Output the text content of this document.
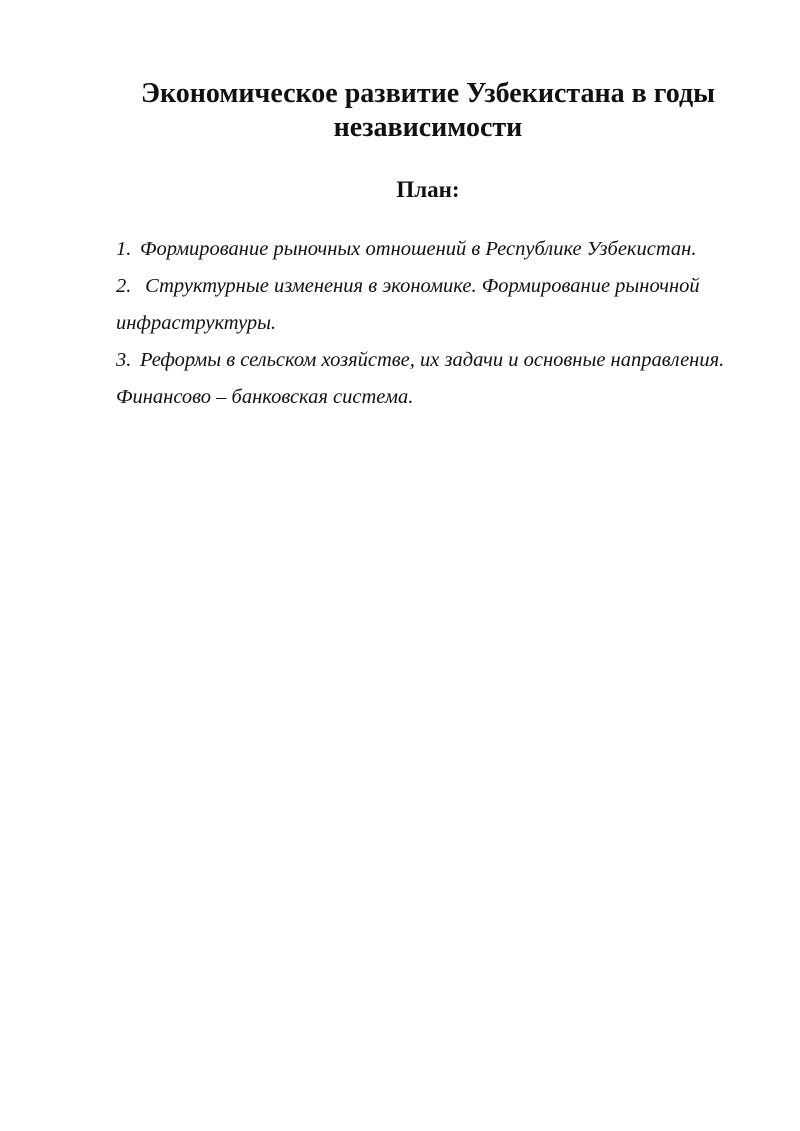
Экономическое развитие Узбекистана в годы
независимости
План:
1. Формирование рыночных отношений в Республике Узбекистан.
2. Структурные изменения в экономике. Формирование рыночной инфраструктуры.
3. Реформы в сельском хозяйстве, их задачи и основные направления. Финансово – банковская система.
